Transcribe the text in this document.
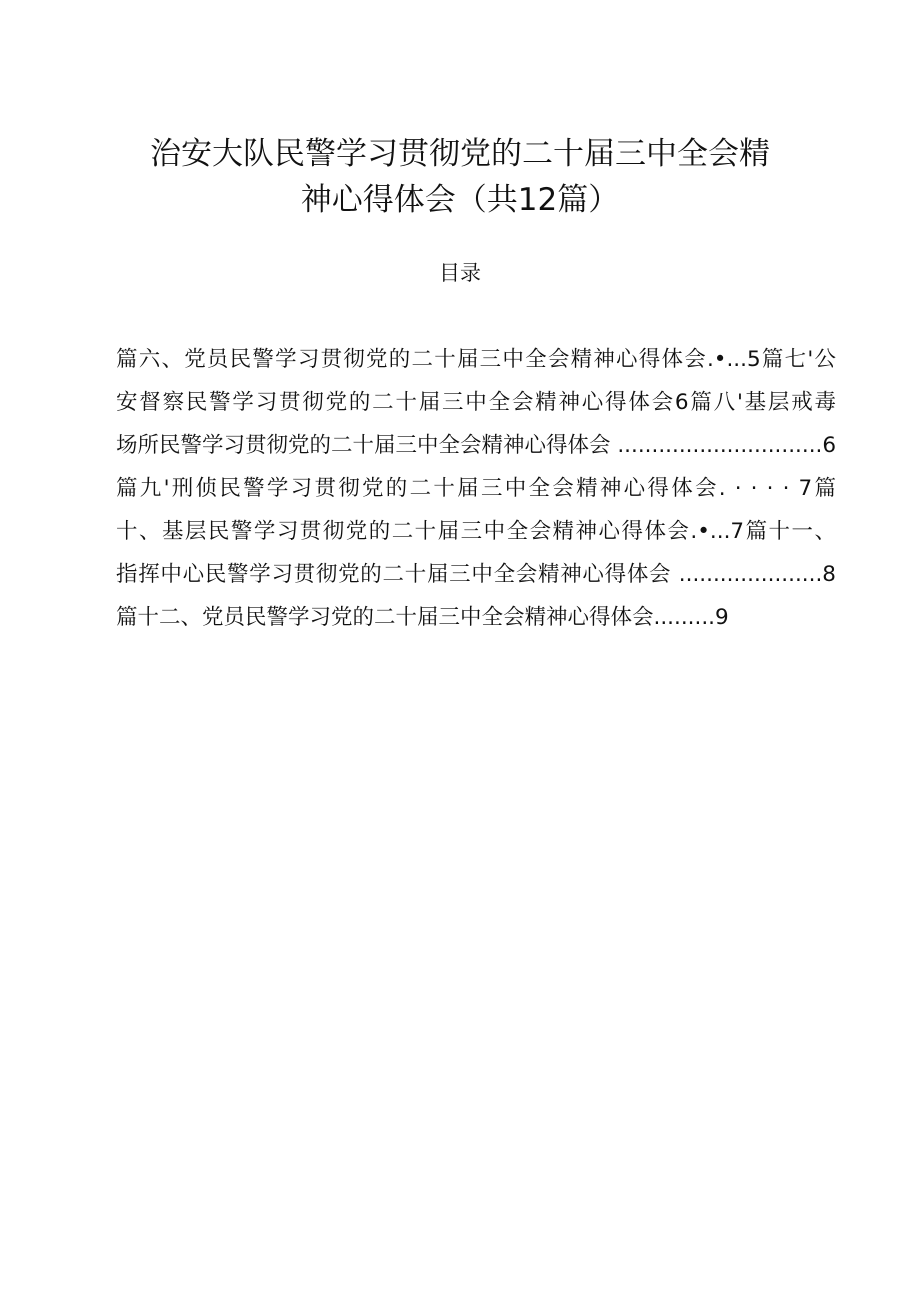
治安大队民警学习贯彻党的二十届三中全会精
神心得体会（共12篇）
目录
篇六、党员民警学习贯彻党的二十届三中全会精神心得体会.•...5篇七'公
安督察民警学习贯彻党的二十届三中全会精神心得体会6篇八'基层戒毒
场所民警学习贯彻党的二十届三中全会精神心得体会 ..............................6
篇九'刑侦民警学习贯彻党的二十届三中全会精神心得体会. · · · · 7篇
十、基层民警学习贯彻党的二十届三中全会精神心得体会.•...7篇十一、
指挥中心民警学习贯彻党的二十届三中全会精神心得体会 .....................8
篇十二、党员民警学习党的二十届三中全会精神心得体会.........9
